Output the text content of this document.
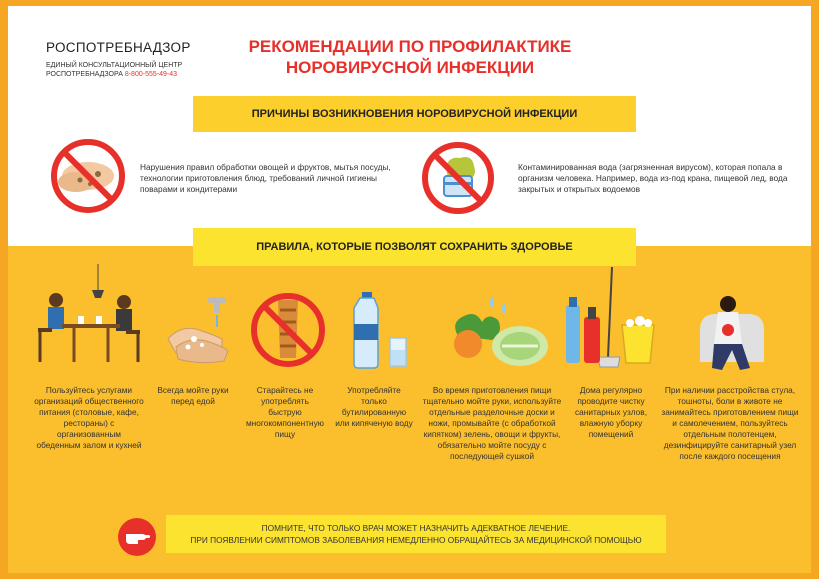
РОСПОТРЕБНАДЗОР
ЕДИНЫЙ КОНСУЛЬТАЦИОННЫЙ ЦЕНТР
РОСПОТРЕБНАДЗОРА 8-800-555-49-43
РЕКОМЕНДАЦИИ ПО ПРОФИЛАКТИКЕ
НОРОВИРУСНОЙ ИНФЕКЦИИ
ПРИЧИНЫ ВОЗНИКНОВЕНИЯ НОРОВИРУСНОЙ ИНФЕКЦИИ
Нарушения правил обработки овощей и фруктов, мытья посуды, технологии приготовления блюд, требований личной гигиены поварами и кондитерами
Контаминированная вода (загрязненная вирусом), которая попала в организм человека. Например, вода из-под крана, пищевой лед, вода закрытых и открытых водоемов
ПРАВИЛА, КОТОРЫЕ ПОЗВОЛЯТ СОХРАНИТЬ ЗДОРОВЬЕ
Пользуйтесь услугами организаций общественного питания (столовые, кафе, рестораны) с организованным обеденным залом и кухней
Всегда мойте руки перед едой
Старайтесь не употреблять быструю многокомпонентную пищу
Употребляйте только бутилированную или кипяченую воду
Во время приготовления пищи тщательно мойте руки, используйте отдельные разделочные доски и ножи, промывайте (с обработкой кипятком) зелень, овощи и фрукты, обязательно мойте посуду с последующей сушкой
Дома регулярно проводите чистку санитарных узлов, влажную уборку помещений
При наличии расстройства стула, тошноты, боли в животе не занимайтесь приготовлением пищи и самолечением, пользуйтесь отдельным полотенцем, дезинфицируйте санитарный узел после каждого посещения
ПОМНИТЕ, ЧТО ТОЛЬКО ВРАЧ МОЖЕТ НАЗНАЧИТЬ АДЕКВАТНОЕ ЛЕЧЕНИЕ.
ПРИ ПОЯВЛЕНИИ СИМПТОМОВ ЗАБОЛЕВАНИЯ НЕМЕДЛЕННО ОБРАЩАЙТЕСЬ ЗА МЕДИЦИНСКОЙ ПОМОЩЬЮ
